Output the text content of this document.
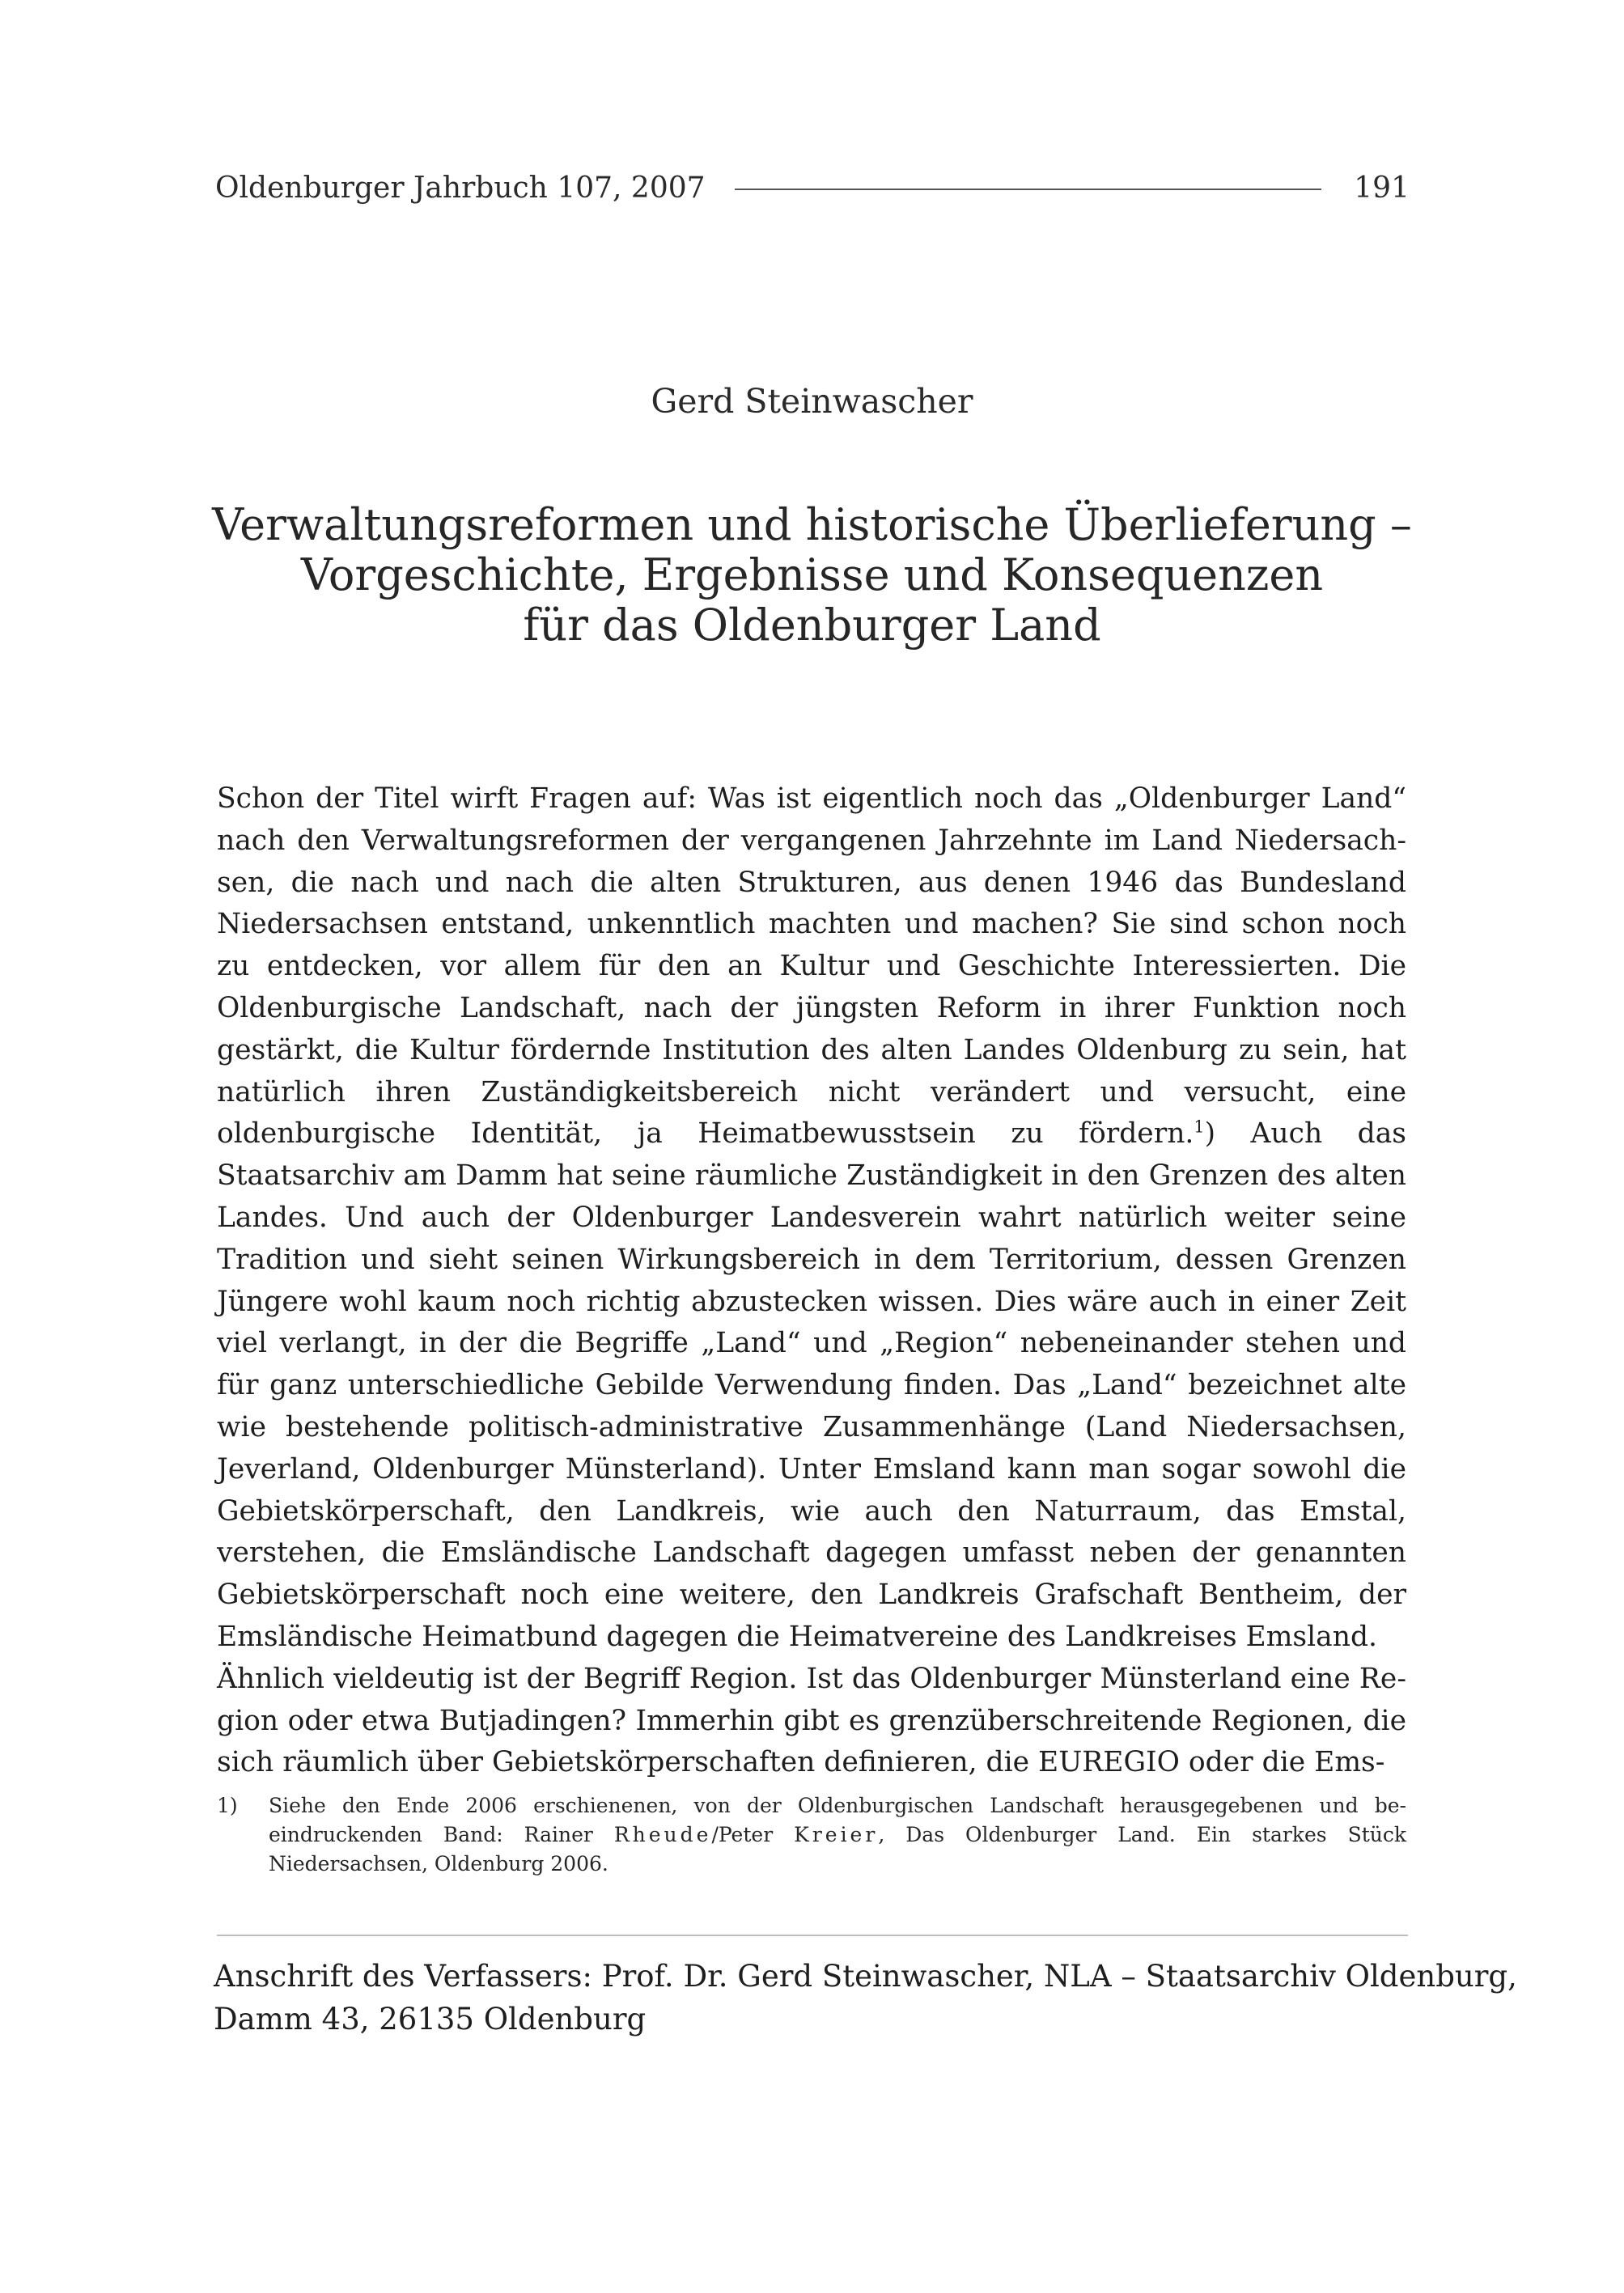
Oldenburger Jahrbuch 107, 2007	191
Gerd Steinwascher
Verwaltungsreformen und historische Überlieferung –
Vorgeschichte, Ergebnisse und Konsequenzen
für das Oldenburger Land

Schon der Titel wirft Fragen auf: Was ist eigentlich noch das „Oldenburger Land“ nach den Verwaltungsreformen der vergangenen Jahrzehnte im Land Niedersachsen, die nach und nach die alten Strukturen, aus denen 1946 das Bundesland Niedersachsen entstand, unkenntlich machten und machen? Sie sind schon noch zu entdecken, vor allem für den an Kultur und Geschichte Interessierten. Die Oldenburgische Landschaft, nach der jüngsten Reform in ihrer Funktion noch gestärkt, die Kultur fördernde Institution des alten Landes Oldenburg zu sein, hat natürlich ihren Zuständigkeitsbereich nicht verändert und versucht, eine oldenburgische Identität, ja Heimatbewusstsein zu fördern.$^1$) Auch das Staatsarchiv am Damm hat seine räumliche Zuständigkeit in den Grenzen des alten Landes. Und auch der Oldenburger Landesverein wahrt natürlich weiter seine Tradition und sieht seinen Wirkungsbereich in dem Territorium, dessen Grenzen Jüngere wohl kaum noch richtig abzustecken wissen. Dies wäre auch in einer Zeit viel verlangt, in der die Begriffe „Land“ und „Region“ nebeneinander stehen und für ganz unterschiedliche Gebilde Verwendung finden. Das „Land“ bezeichnet alte wie bestehende politisch-administrative Zusammenhänge (Land Niedersachsen, Jeverland, Oldenburger Münsterland). Unter Emsland kann man sogar sowohl die Gebietskörperschaft, den Landkreis, wie auch den Naturraum, das Emstal, verstehen, die Emsländische Landschaft dagegen umfasst neben der genannten Gebietskörperschaft noch eine weitere, den Landkreis Grafschaft Bentheim, der Emsländische Heimatbund dagegen die Heimatvereine des Landkreises Emsland.

Ähnlich vieldeutig ist der Begriff Region. Ist das Oldenburger Münsterland eine Region oder etwa Butjadingen? Immerhin gibt es grenzüberschreitende Regionen, die sich räumlich über Gebietskörperschaften definieren, die EUREGIO oder die Ems-

1)	Siehe den Ende 2006 erschienenen, von der Oldenburgischen Landschaft herausgegebenen und beeindruckenden Band: Rainer Rheude/Peter Kreier, Das Oldenburger Land. Ein starkes Stück Niedersachsen, Oldenburg 2006.
Anschrift des Verfassers: Prof. Dr. Gerd Steinwascher, NLA – Staatsarchiv Oldenburg,
Damm 43, 26135 Oldenburg
